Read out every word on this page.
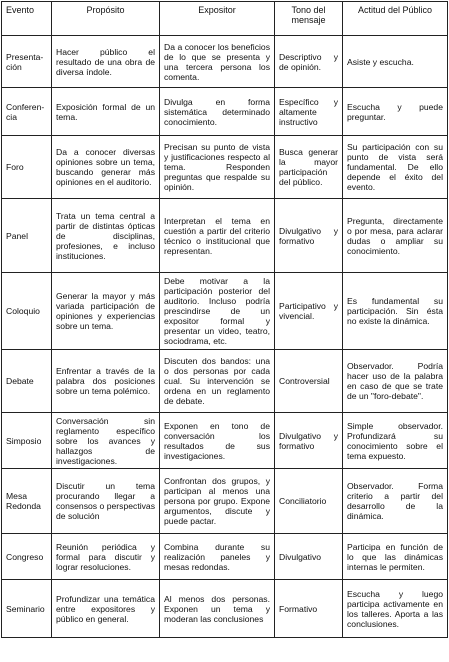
Evento	Propósito	Expositor	Tono del mensaje	Actitud del Público
Presenta-ción	Hacer público el resultado de una obra de diversa índole.	Da a conocer los beneficios de lo que se presenta y una tercera persona los comenta.	Descriptivo y de opinión.	Asiste y escucha.
Conferen-cia	Exposición formal de un tema.	Divulga en forma sistemática determinado conocimiento.	Específico y altamente instructivo	Escucha y puede preguntar.
Foro	Da a conocer diversas opiniones sobre un tema, buscando generar más opiniones en el auditorio.	Precisan su punto de vista y justificaciones respecto al tema. Responden preguntas que respalde su opinión.	Busca generar la mayor participación del público.	Su participación con su punto de vista será fundamental. De ello depende el éxito del evento.
Panel	Trata un tema central a partir de distintas ópticas de disciplinas, profesiones, e incluso instituciones.	Interpretan el tema en cuestión a partir del criterio técnico o institucional que representan.	Divulgativo y formativo	Pregunta, directamente o por mesa, para aclarar dudas o ampliar su conocimiento.
Coloquio	Generar la mayor y más variada participación de opiniones y experiencias sobre un tema.	Debe motivar a la participación posterior del auditorio. Incluso podría prescindirse de un expositor formal y presentar un video, teatro, sociodrama, etc.	Participativo y vivencial.	Es fundamental su participación. Sin ésta no existe la dinámica.
Debate	Enfrentar a través de la palabra dos posiciones sobre un tema polémico.	Discuten dos bandos: una o dos personas por cada cual. Su intervención se ordena en un reglamento de debate.	Controversial	Observador. Podría hacer uso de la palabra en caso de que se trate de un "foro-debate".
Simposio	Conversación sin reglamento específico sobre los avances y hallazgos de investigaciones.	Exponen en tono de conversación los resultados de sus investigaciones.	Divulgativo y formativo	Simple observador. Profundizará su conocimiento sobre el tema expuesto.
Mesa Redonda	Discutir un tema procurando llegar a consensos o perspectivas de solución	Confrontan dos grupos, y participan al menos una persona por grupo. Expone argumentos, discute y puede pactar.	Conciliatorio	Observador. Forma criterio a partir del desarrollo de la dinámica.
Congreso	Reunión periódica y formal para discutir y lograr resoluciones.	Combina durante su realización paneles y mesas redondas.	Divulgativo	Participa en función de lo que las dinámicas internas le permiten.
Seminario	Profundizar una temática entre expositores y público en general.	Al menos dos personas. Exponen un tema y moderan las conclusiones	Formativo	Escucha y luego participa activamente en los talleres. Aporta a las conclusiones.
